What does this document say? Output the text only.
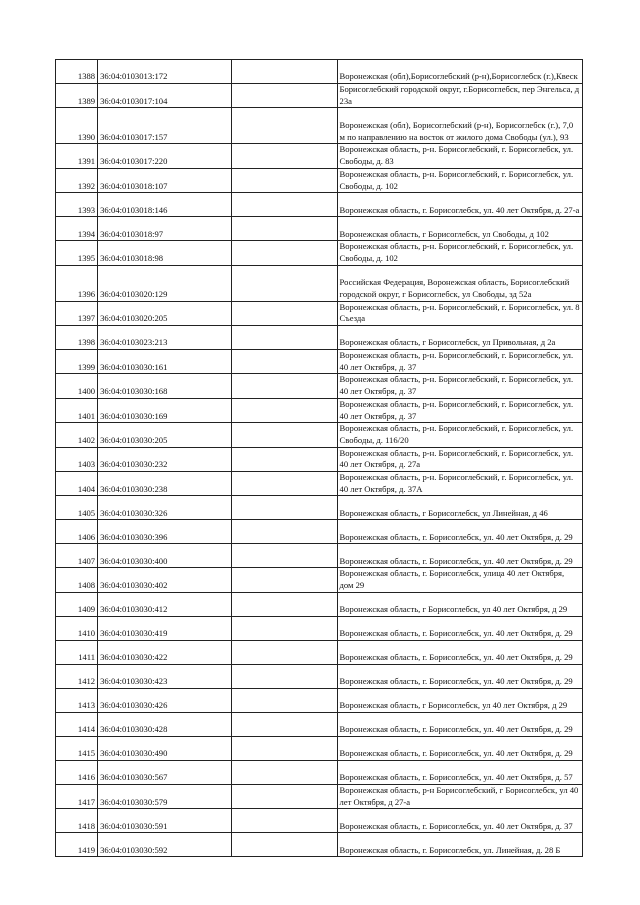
1388	36:04:0103013:172		Воронежская (обл),Борисоглебский (р-н),Борисоглебск (г.),Квеск
1389	36:04:0103017:104		Борисоглебский городской округ, г.Борисоглебск, пер Энгельса, д 23а
1390	36:04:0103017:157		Воронежская (обл), Борисоглебский (р-н), Борисоглебск (г.), 7,0 м по направлению на восток от жилого дома Свободы (ул.), 93
1391	36:04:0103017:220		Воронежская область, р-н. Борисоглебский, г. Борисоглебск, ул. Свободы, д. 83
1392	36:04:0103018:107		Воронежская область, р-н. Борисоглебский, г. Борисоглебск, ул. Свободы, д. 102
1393	36:04:0103018:146		Воронежская область, г. Борисоглебск, ул. 40 лет Октября, д. 27-а
1394	36:04:0103018:97		Воронежская область, г Борисоглебск, ул Свободы, д 102
1395	36:04:0103018:98		Воронежская область, р-н. Борисоглебский, г. Борисоглебск, ул. Свободы, д. 102
1396	36:04:0103020:129		Российская Федерация, Воронежская область, Борисоглебский городской округ, г Борисоглебск, ул Свободы, зд 52а
1397	36:04:0103020:205		Воронежская область, р-н. Борисоглебский, г. Борисоглебск, ул. 8 Съезда
1398	36:04:0103023:213		Воронежская область, г Борисоглебск, ул Привольная, д 2а
1399	36:04:0103030:161		Воронежская область, р-н. Борисоглебский, г. Борисоглебск, ул. 40 лет Октября, д. 37
1400	36:04:0103030:168		Воронежская область, р-н. Борисоглебский, г. Борисоглебск, ул. 40 лет Октября, д. 37
1401	36:04:0103030:169		Воронежская область, р-н. Борисоглебский, г. Борисоглебск, ул. 40 лет Октября, д. 37
1402	36:04:0103030:205		Воронежская область, р-н. Борисоглебский, г. Борисоглебск, ул. Свободы, д. 116/20
1403	36:04:0103030:232		Воронежская область, р-н. Борисоглебский, г. Борисоглебск, ул. 40 лет Октября, д. 27а
1404	36:04:0103030:238		Воронежская область, р-н. Борисоглебский, г. Борисоглебск, ул. 40 лет Октября, д. 37А
1405	36:04:0103030:326		Воронежская область, г Борисоглебск, ул Линейная, д 46
1406	36:04:0103030:396		Воронежская область, г. Борисоглебск, ул. 40 лет Октября, д. 29
1407	36:04:0103030:400		Воронежская область, г. Борисоглебск, ул. 40 лет Октября, д. 29
1408	36:04:0103030:402		Воронежская область, г. Борисоглебск, улица 40 лет Октября, дом 29
1409	36:04:0103030:412		Воронежская область, г Борисоглебск, ул 40 лет Октября, д 29
1410	36:04:0103030:419		Воронежская область, г. Борисоглебск, ул. 40 лет Октября, д. 29
1411	36:04:0103030:422		Воронежская область, г. Борисоглебск, ул. 40 лет Октября, д. 29
1412	36:04:0103030:423		Воронежская область, г. Борисоглебск, ул. 40 лет Октября, д. 29
1413	36:04:0103030:426		Воронежская область, г Борисоглебск, ул 40 лет Октября, д 29
1414	36:04:0103030:428		Воронежская область, г. Борисоглебск, ул. 40 лет Октября, д. 29
1415	36:04:0103030:490		Воронежская область, г. Борисоглебск, ул. 40 лет Октября, д. 29
1416	36:04:0103030:567		Воронежская область, г. Борисоглебск, ул. 40 лет Октября, д. 57
1417	36:04:0103030:579		Воронежская область, р-н Борисоглебский, г Борисоглебск, ул 40 лет Октября, д 27-а
1418	36:04:0103030:591		Воронежская область, г. Борисоглебск, ул. 40 лет Октября, д. 37
1419	36:04:0103030:592		Воронежская область, г. Борисоглебск, ул. Линейная, д. 28 Б
